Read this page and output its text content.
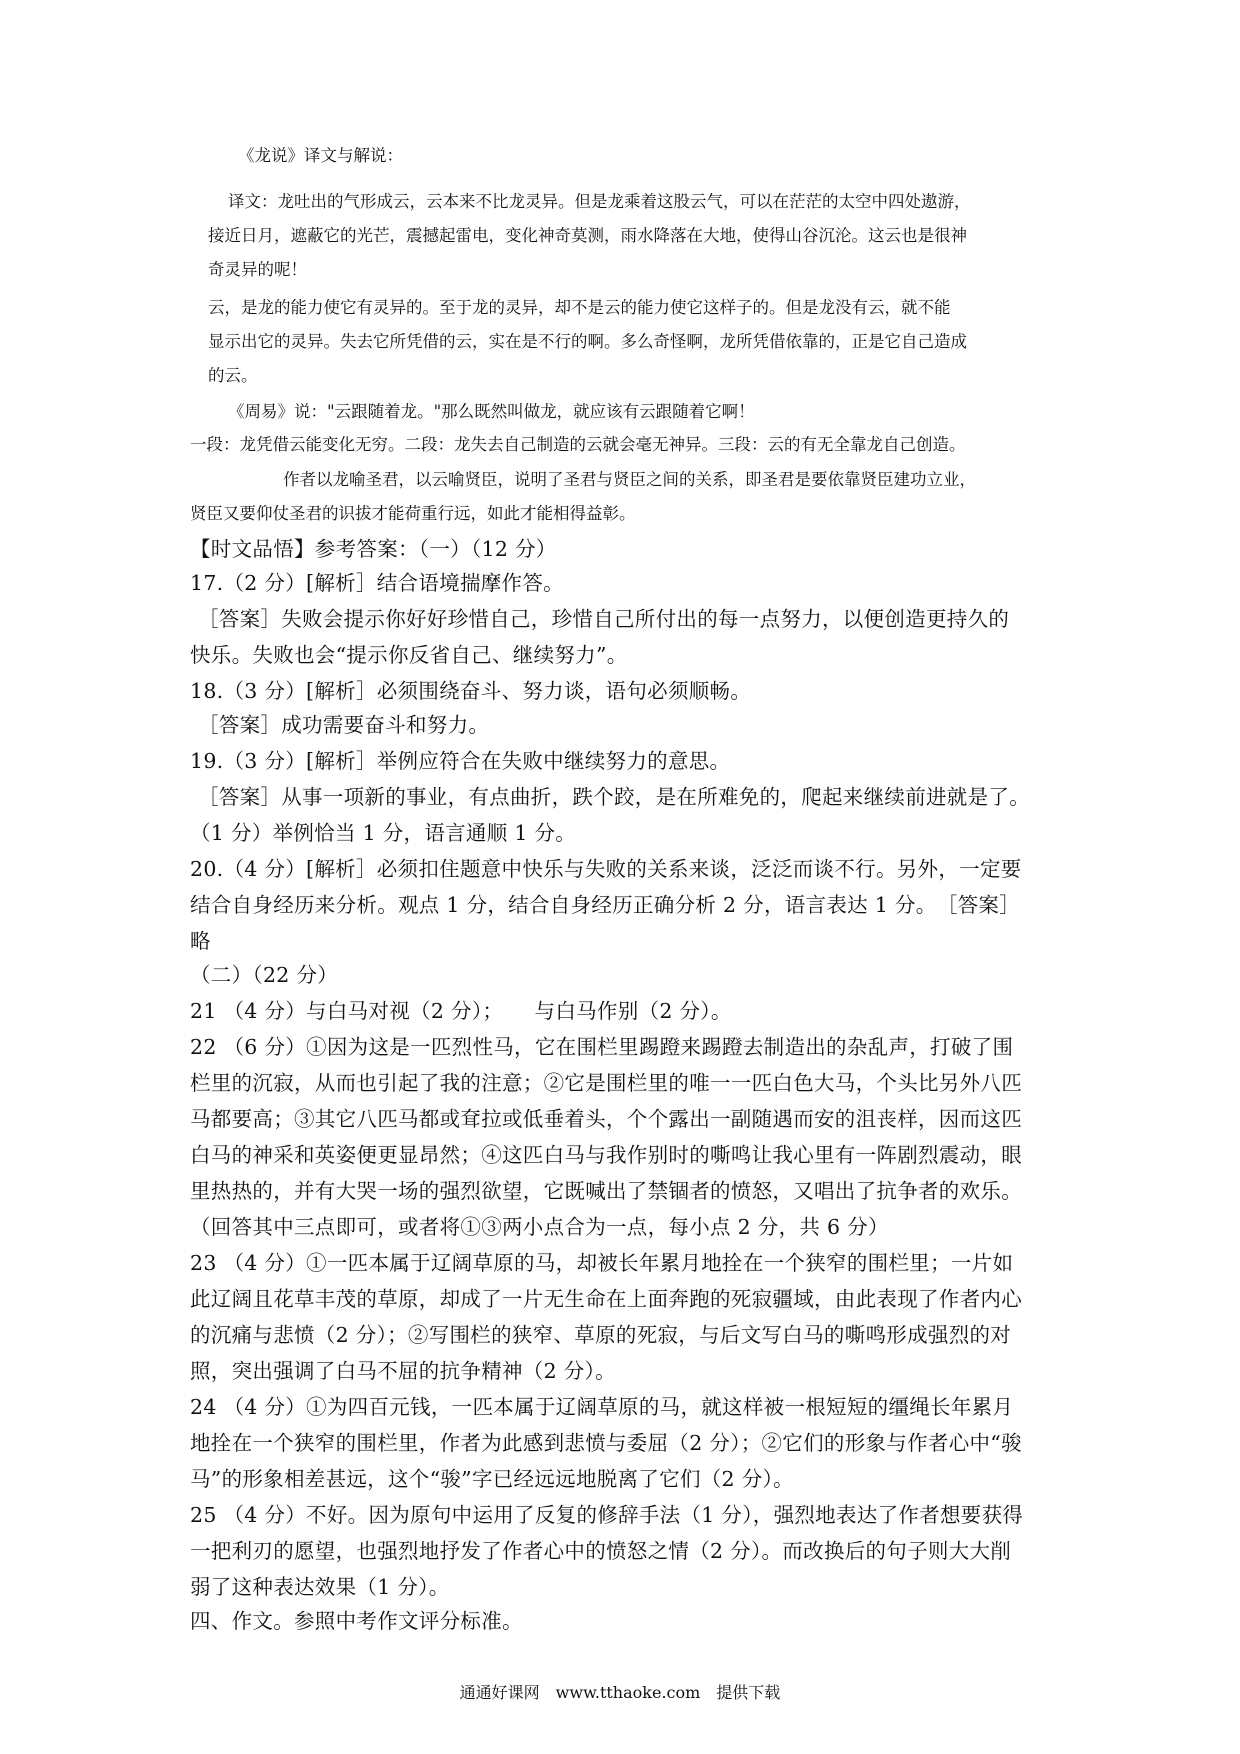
《龙说》译文与解说：
译文：龙吐出的气形成云，云本来不比龙灵异。但是龙乘着这股云气，可以在茫茫的太空中四处遨游，
接近日月，遮蔽它的光芒，震撼起雷电，变化神奇莫测，雨水降落在大地，使得山谷沉沦。这云也是很神
奇灵异的呢！
云，是龙的能力使它有灵异的。至于龙的灵异，却不是云的能力使它这样子的。但是龙没有云，就不能
显示出它的灵异。失去它所凭借的云，实在是不行的啊。多么奇怪啊，龙所凭借依靠的，正是它自己造成
的云。
《周易》说："云跟随着龙。"那么既然叫做龙，就应该有云跟随着它啊！
一段：龙凭借云能变化无穷。二段：龙失去自己制造的云就会毫无神异。三段：云的有无全靠龙自己创造。
作者以龙喻圣君，以云喻贤臣，说明了圣君与贤臣之间的关系，即圣君是要依靠贤臣建功立业，
贤臣又要仰仗圣君的识拔才能荷重行远，如此才能相得益彰。
【时文品悟】参考答案：（一）（12 分）
17.（2 分）[解析］结合语境揣摩作答。
［答案］失败会提示你好好珍惜自己，珍惜自己所付出的每一点努力，以便创造更持久的
快乐。失败也会“提示你反省自己、继续努力”。
18.（3 分）[解析］必须围绕奋斗、努力谈，语句必须顺畅。
［答案］成功需要奋斗和努力。
19.（3 分）[解析］举例应符合在失败中继续努力的意思。
［答案］从事一项新的事业，有点曲折，跌个跤，是在所难免的，爬起来继续前进就是了。
（1 分）举例恰当 1 分，语言通顺 1 分。
20.（4 分）[解析］必须扣住题意中快乐与失败的关系来谈，泛泛而谈不行。另外，一定要
结合自身经历来分析。观点 1 分，结合自身经历正确分析 2 分，语言表达 1 分。　［答案］
略
（二）（22 分）
21 （4 分）与白马对视（2 分）；　　与白马作别（2 分）。
22 （6 分）①因为这是一匹烈性马，它在围栏里踢蹬来踢蹬去制造出的杂乱声，打破了围
栏里的沉寂，从而也引起了我的注意；②它是围栏里的唯一一匹白色大马，个头比另外八匹
马都要高；③其它八匹马都或耷拉或低垂着头，个个露出一副随遇而安的沮丧样，因而这匹
白马的神采和英姿便更显昂然；④这匹白马与我作别时的嘶鸣让我心里有一阵剧烈震动，眼
里热热的，并有大哭一场的强烈欲望，它既喊出了禁锢者的愤怒，又唱出了抗争者的欢乐。
（回答其中三点即可，或者将①③两小点合为一点，每小点 2 分，共 6 分）
23 （4 分）①一匹本属于辽阔草原的马，却被长年累月地拴在一个狭窄的围栏里；一片如
此辽阔且花草丰茂的草原，却成了一片无生命在上面奔跑的死寂疆域，由此表现了作者内心
的沉痛与悲愤（2 分）；②写围栏的狭窄、草原的死寂，与后文写白马的嘶鸣形成强烈的对
照，突出强调了白马不屈的抗争精神（2 分）。
24 （4 分）①为四百元钱，一匹本属于辽阔草原的马，就这样被一根短短的缰绳长年累月
地拴在一个狭窄的围栏里，作者为此感到悲愤与委屈（2 分）；②它们的形象与作者心中“骏
马”的形象相差甚远，这个“骏”字已经远远地脱离了它们（2 分）。
25 （4 分）不好。因为原句中运用了反复的修辞手法（1 分），强烈地表达了作者想要获得
一把利刃的愿望，也强烈地抒发了作者心中的愤怒之情（2 分）。而改换后的句子则大大削
弱了这种表达效果（1 分）。
四、作文。参照中考作文评分标准。
通通好课网　www.tthaoke.com　提供下载
